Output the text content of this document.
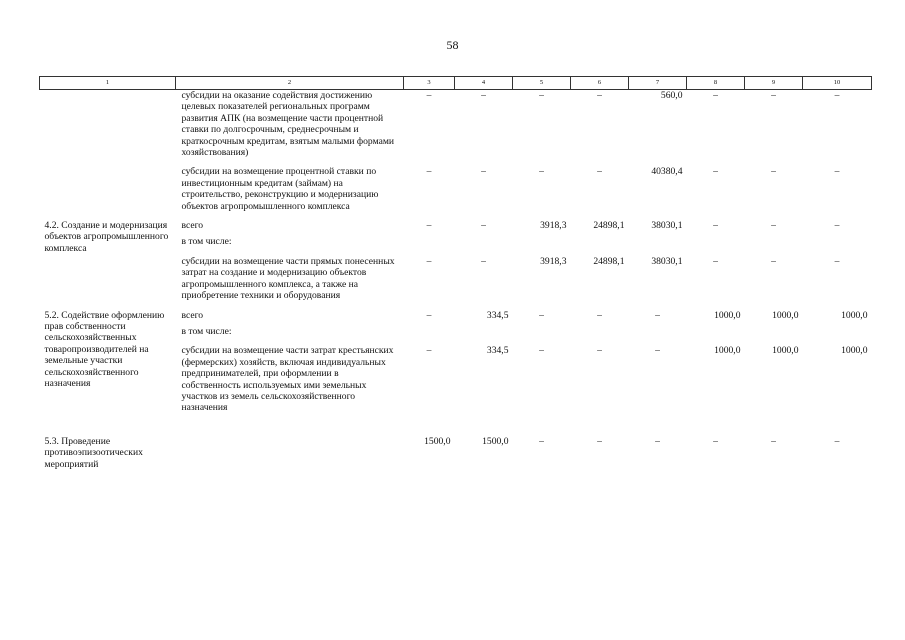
58
1	2	3	4	5	6	7	8	9	10
	субсидии на оказание содействия достижению целевых показателей региональных программ развития АПК (на возмещение части процентной ставки по долгосрочным, среднесрочным и краткосрочным кредитам, взятым малыми формами хозяйствования)	–	–	–	–	560,0	–	–	–

	субсидии на возмещение процентной ставки по инвестиционным кредитам (займам) на строительство, реконструкцию и модернизацию объектов агропромышленного комплекса	–	–	–	–	40380,4	–	–	–

4.2. Создание и модернизация объектов агропромышленного комплекса	всего	–	–	3918,3	24898,1	38030,1	–	–	–
	в том числе:								
	субсидии на возмещение части прямых понесенных затрат на создание и модернизацию объектов агропромышленного комплекса, а также на приобретение техники и оборудования	–	–	3918,3	24898,1	38030,1	–	–	–

5.2. Содействие оформлению прав собственности сельскохозяйственных товаропроизводителей на земельные участки сельскохозяйственного назначения	всего	–	334,5	–	–	–	1000,0	1000,0	1000,0
	в том числе:								
	субсидии на возмещение части затрат крестьянских (фермерских) хозяйств, включая индивидуальных предпринимателей, при оформлении в собственность используемых ими земельных участков из земель сельскохозяйственного назначения	–	334,5	–	–	–	1000,0	1000,0	1000,0

5.3. Проведение противоэпизоотических мероприятий		1500,0	1500,0	–	–	–	–	–	–
